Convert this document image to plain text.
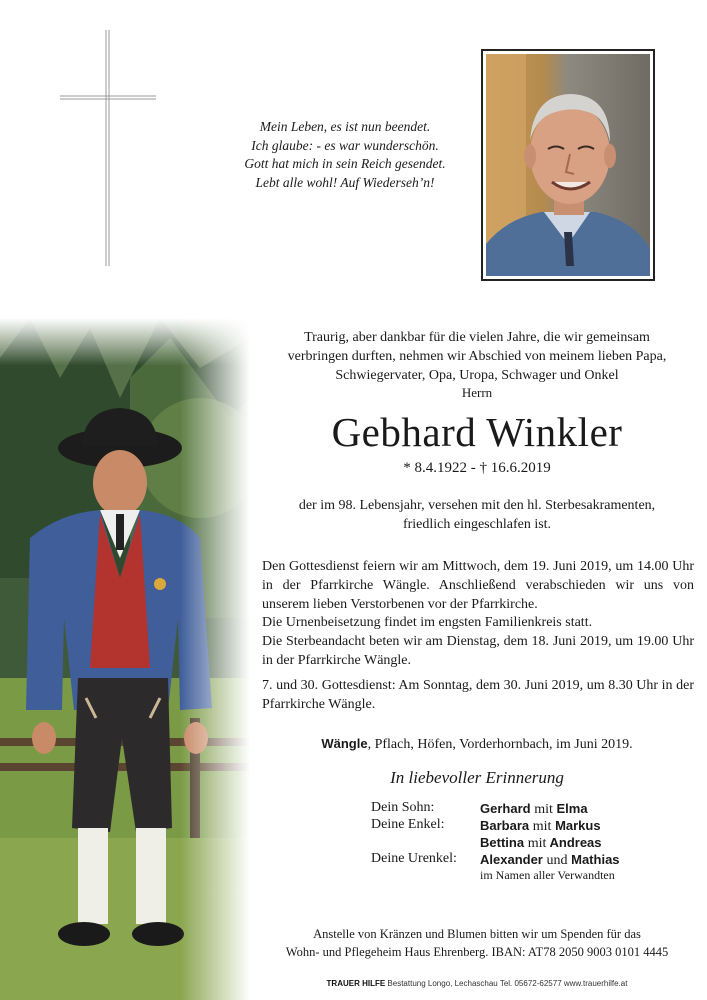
Mein Leben, es ist nun beendet.
Ich glaube: - es war wunderschön.
Gott hat mich in sein Reich gesendet.
Lebt alle wohl! Auf Wiederseh’n!
Traurig, aber dankbar für die vielen Jahre, die wir gemeinsam
verbringen durften, nehmen wir Abschied von meinem lieben Papa,
Schwiegervater, Opa, Uropa, Schwager und Onkel
Herrn
Gebhard Winkler
* 8.4.1922 - † 16.6.2019
der im 98. Lebensjahr, versehen mit den hl. Sterbesakramenten,
friedlich eingeschlafen ist.
Den Gottesdienst feiern wir am Mittwoch, dem 19. Juni 2019, um 14.00 Uhr in der Pfarrkirche Wängle. Anschließend verabschieden wir uns von unserem lieben Verstorbenen vor der Pfarrkirche.
Die Urnenbeisetzung findet im engsten Familienkreis statt.
Die Sterbeandacht beten wir am Dienstag, dem 18. Juni 2019, um 19.00 Uhr in der Pfarrkirche Wängle.
7. und 30. Gottesdienst: Am Sonntag, dem 30. Juni 2019, um 8.30 Uhr in der Pfarrkirche Wängle.
Wängle, Pflach, Höfen, Vorderhornbach, im Juni 2019.
In liebevoller Erinnerung
Dein Sohn:	Gerhard mit Elma
Deine Enkel:	Barbara mit Markus
Bettina mit Andreas
Deine Urenkel: Alexander und Mathias
im Namen aller Verwandten
Anstelle von Kränzen und Blumen bitten wir um Spenden für das
Wohn- und Pflegeheim Haus Ehrenberg. IBAN: AT78 2050 9003 0101 4445
TRAUER HILFE Bestattung Longo, Lechaschau Tel. 05672-62577 www.trauerhilfe.at
